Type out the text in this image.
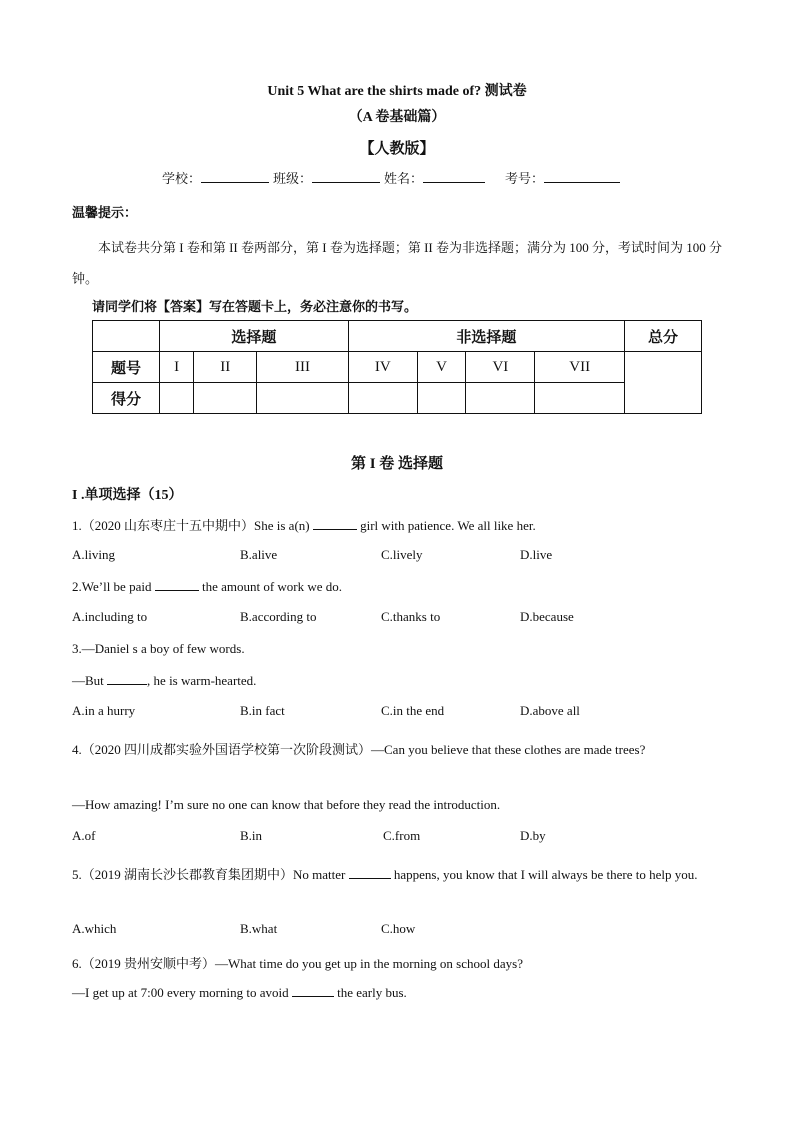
Unit 5 What are the shirts made of? 测试卷
（A 卷基础篇）
【人教版】
学校：	班级：	姓名：	考号：
温馨提示：
本试卷共分第 I 卷和第 II 卷两部分，第 I 卷为选择题；第 II 卷为非选择题；满分为 100 分，考试时间为 100 分钟。
请同学们将【答案】写在答题卡上，务必注意你的书写。
	选择题			非选择题				总分
题号	I	II	III	IV	V	VI	VII	
得分								
第 I 卷 选择题
I .单项选择（15）
1.（2020 山东枣庄十五中期中）She is a(n)	girl with patience. We all like her.
A.living	B.alive	C.lively	D.live
2.We’ll be paid	the amount of work we do.
A.including to	B.according to	C.thanks to	D.because
3.—Daniel s a boy of few words.
—But	, he is warm-hearted.
A.in a hurry	B.in fact	C.in the end	D.above all
4.（2020 四川成都实验外国语学校第一次阶段测试）—Can you believe that these clothes are made trees?
—How amazing! I’m sure no one can know that before they read the introduction.
A.of	B.in	C.from	D.by
5.（2019 湖南长沙长郡教育集团期中）No matter	happens, you know that I will always be there to help you.
A.which	B.what	C.how
6.（2019 贵州安顺中考）—What time do you get up in the morning on school days?
—I get up at 7:00 every morning to avoid	the early bus.
